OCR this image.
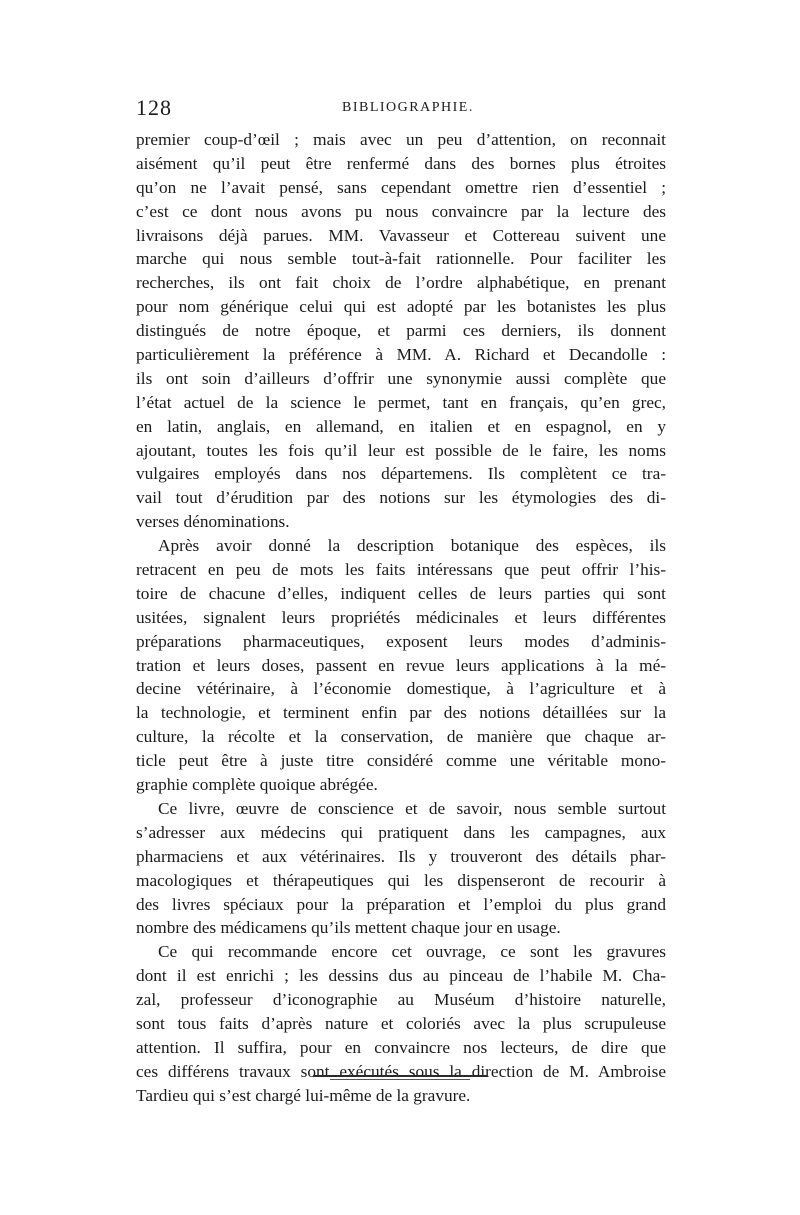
128	BIBLIOGRAPHIE.
premier coup-d’œil ; mais avec un peu d’attention, on reconnait
aisément qu’il peut être renfermé dans des bornes plus étroites
qu’on ne l’avait pensé, sans cependant omettre rien d’essentiel ;
c’est ce dont nous avons pu nous convaincre par la lecture des
livraisons déjà parues. MM. Vavasseur et Cottereau suivent une
marche qui nous semble tout-à-fait rationnelle. Pour faciliter les
recherches, ils ont fait choix de l’ordre alphabétique, en prenant
pour nom générique celui qui est adopté par les botanistes les plus
distingués de notre époque, et parmi ces derniers, ils donnent
particulièrement la préférence à MM. A. Richard et Decandolle :
ils ont soin d’ailleurs d’offrir une synonymie aussi complète que
l’état actuel de la science le permet, tant en français, qu’en grec,
en latin, anglais, en allemand, en italien et en espagnol, en y
ajoutant, toutes les fois qu’il leur est possible de le faire, les noms
vulgaires employés dans nos départemens. Ils complètent ce tra-
vail tout d’érudition par des notions sur les étymologies des di-
verses dénominations.
Après avoir donné la description botanique des espèces, ils
retracent en peu de mots les faits intéressans que peut offrir l’his-
toire de chacune d’elles, indiquent celles de leurs parties qui sont
usitées, signalent leurs propriétés médicinales et leurs différentes
préparations pharmaceutiques, exposent leurs modes d’adminis-
tration et leurs doses, passent en revue leurs applications à la mé-
decine vétérinaire, à l’économie domestique, à l’agriculture et à
la technologie, et terminent enfin par des notions détaillées sur la
culture, la récolte et la conservation, de manière que chaque ar-
ticle peut être à juste titre considéré comme une véritable mono-
graphie complète quoique abrégée.
Ce livre, œuvre de conscience et de savoir, nous semble surtout
s’adresser aux médecins qui pratiquent dans les campagnes, aux
pharmaciens et aux vétérinaires. Ils y trouveront des détails phar-
macologiques et thérapeutiques qui les dispenseront de recourir à
des livres spéciaux pour la préparation et l’emploi du plus grand
nombre des médicamens qu’ils mettent chaque jour en usage.
Ce qui recommande encore cet ouvrage, ce sont les gravures
dont il est enrichi ; les dessins dus au pinceau de l’habile M. Cha-
zal, professeur d’iconographie au Muséum d’histoire naturelle,
sont tous faits d’après nature et coloriés avec la plus scrupuleuse
attention. Il suffira, pour en convaincre nos lecteurs, de dire que
ces différens travaux sont exécutés sous la direction de M. Ambroise
Tardieu qui s’est chargé lui-même de la gravure.
